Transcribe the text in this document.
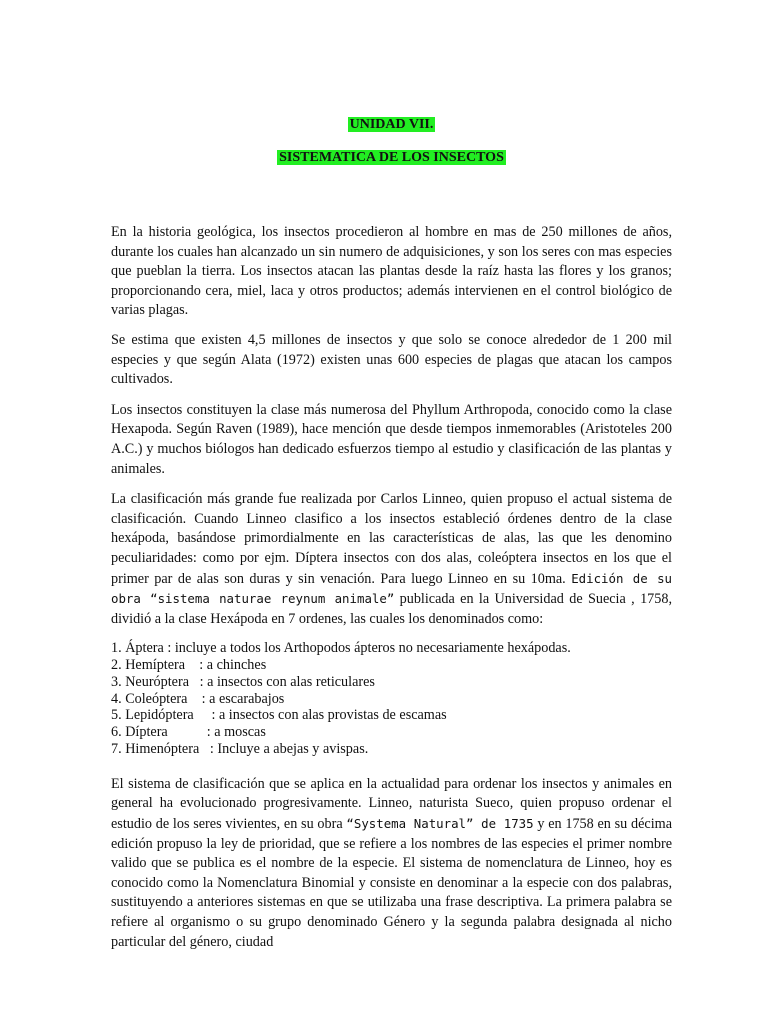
UNIDAD VII.
SISTEMATICA DE LOS INSECTOS

En la historia geológica, los insectos procedieron al hombre en mas de 250 millones de años, durante los cuales han alcanzado un sin numero de adquisiciones, y son los seres con mas especies que pueblan la tierra. Los insectos atacan las plantas desde la raíz hasta las flores y los granos; proporcionando cera, miel, laca y otros productos; además intervienen en el control biológico de varias plagas.

Se estima que existen 4,5 millones de insectos y que solo se conoce alrededor de 1 200 mil especies y que según Alata (1972) existen unas 600 especies de plagas que atacan los campos cultivados.

Los insectos constituyen la clase más numerosa del Phyllum Arthropoda, conocido como la clase Hexapoda. Según Raven (1989), hace mención que desde tiempos inmemorables (Aristoteles 200 A.C.) y muchos biólogos han dedicado esfuerzos tiempo al estudio y clasificación de las plantas y animales.

La clasificación más grande fue realizada por Carlos Linneo, quien propuso el actual sistema de clasificación. Cuando Linneo clasifico a los insectos estableció órdenes dentro de la clase hexápoda, basándose primordialmente en las características de alas, las que les denomino peculiaridades: como por ejm. Díptera insectos con dos alas, coleóptera insectos en los que el primer par de alas son duras y sin venación. Para luego Linneo en su 10ma. Edición de su obra “sistema naturae reynum animale” publicada en la Universidad de Suecia , 1758, dividió a la clase Hexápoda en 7 ordenes, las cuales los denominados como:

1. Áptera : incluye a todos los Arthopodos ápteros no necesariamente hexápodas.
2. Hemíptera    : a chinches
3. Neuróptera   : a insectos con alas reticulares
4. Coleóptera    : a escarabajos
5. Lepidóptera     : a insectos con alas provistas de escamas
6. Díptera           : a moscas
7. Himenóptera   : Incluye a abejas y avispas.

El sistema de clasificación que se aplica en la actualidad para ordenar los insectos y animales en general ha evolucionado progresivamente. Linneo, naturista Sueco, quien propuso ordenar el estudio de los seres vivientes, en su obra “Systema Natural” de 1735 y en 1758 en su décima edición propuso la ley de prioridad, que se refiere a los nombres de las especies el primer nombre valido que se publica es el nombre de la especie. El sistema de nomenclatura de Linneo, hoy es conocido como la Nomenclatura Binomial y consiste en denominar a la especie con dos palabras, sustituyendo a anteriores sistemas en que se utilizaba una frase descriptiva. La primera palabra se refiere al organismo o su grupo denominado Género y la segunda palabra designada al nicho particular del género, ciudad
